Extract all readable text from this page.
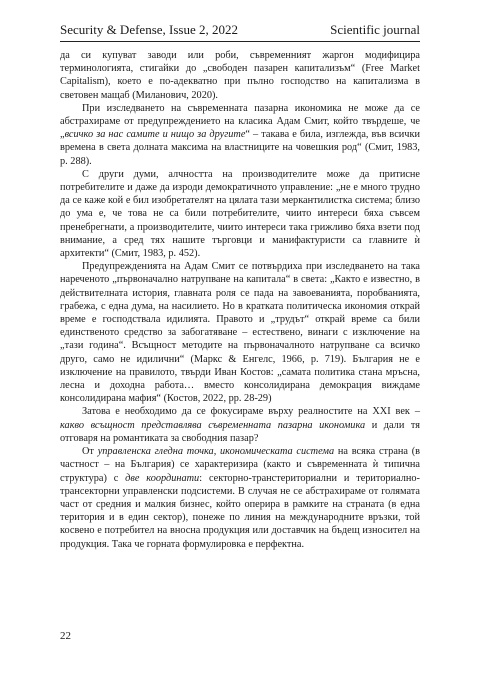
Security & Defense, Issue 2, 2022	Scientific journal

да си купуват заводи или роби, съвременният жаргон модифицира терминологията, стигайки до „свободен пазарен капитализъм“ (Free Market Capitalism), което е по-адекватно при пълно господство на капитализма в световен мащаб (Миланович, 2020).

При изследването на съвременната пазарна икономика не може да се абстрахираме от предупреждението на класика Адам Смит, който твърдеше, че „всичко за нас самите и нищо за другите“ – такава е била, изглежда, във всички времена в света долната максима на властниците на човешкия род“ (Смит, 1983, p. 288).

С други думи, алчността на производителите може да притисне потребителите и даже да изроди демократичното управление: „не е много трудно да се каже кой е бил изобретателят на цялата тази меркантилистка система; близо до ума е, че това не са били потребителите, чиито интереси бяха съвсем пренебрегнати, а производителите, чиито интереси така грижливо бяха взети под внимание, а сред тях нашите търговци и манифактуристи са главните ѝ архитекти“ (Смит, 1983, p. 452).

Предупрежденията на Адам Смит се потвърдиха при изследването на така нареченото „първоначално натрупване на капитала“ в света: „Както е известно, в действителната история, главната роля се пада на завоеванията, поробванията, грабежа, с една дума, на насилието. Но в кратката политическа икономия открай време е господствала идилията. Правото и „трудът“ открай време са били единственото средство за забогатяване – естествено, винаги с изключение на „тази година“. Всъщност методите на първоначалното натрупване са всичко друго, само не идилични“ (Маркс & Енгелс, 1966, p. 719). България не е изключение на правилото, твърди Иван Костов: „самата политика стана мръсна, лесна и доходна работа… вместо консолидирана демокрация виждаме консолидирана мафия“ (Костов, 2022, pp. 28-29)

Затова е необходимо да се фокусираме върху реалностите на XXI век – какво всъщност представлява съвременната пазарна икономика и дали тя отговаря на романтиката за свободния пазар?

От управленска гледна точка, икономическата система на всяка страна (в частност – на България) се характеризира (както и съвременната ѝ типична структура) с две координати: секторно-транстериториални и териториално-трансекторни управленски подсистеми. В случая не се абстрахираме от голямата част от средния и малкия бизнес, който оперира в рамките на страната (в една територия и в един сектор), понеже по линия на международните връзки, той косвено е потребител на вносна продукция или доставчик на бъдещ износител на продукция. Така че горната формулировка е перфектна.

22
